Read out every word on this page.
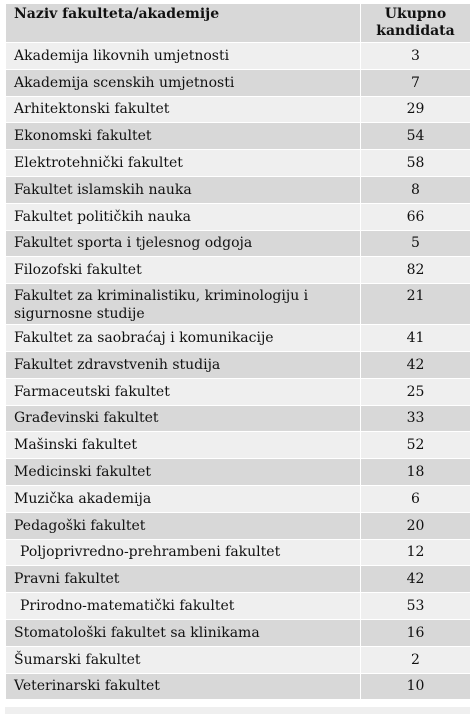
Naziv fakulteta/akademije	Ukupno kandidata
Akademija likovnih umjetnosti	3
Akademija scenskih umjetnosti	7
Arhitektonski fakultet	29
Ekonomski fakultet	54
Elektrotehnički fakultet	58
Fakultet islamskih nauka	8
Fakultet političkih nauka	66
Fakultet sporta i tjelesnog odgoja	5
Filozofski fakultet	82
Fakultet za kriminalistiku, kriminologiju i sigurnosne studije	21
Fakultet za saobraćaj i komunikacije	41
Fakultet zdravstvenih studija	42
Farmaceutski fakultet	25
Građevinski fakultet	33
Mašinski fakultet	52
Medicinski fakultet	18
Muzička akademija	6
Pedagoški fakultet	20
Poljoprivredno-prehrambeni fakultet	12
Pravni fakultet	42
Prirodno-matematički fakultet	53
Stomatološki fakultet sa klinikama	16
Šumarski fakultet	2
Veterinarski fakultet	10
